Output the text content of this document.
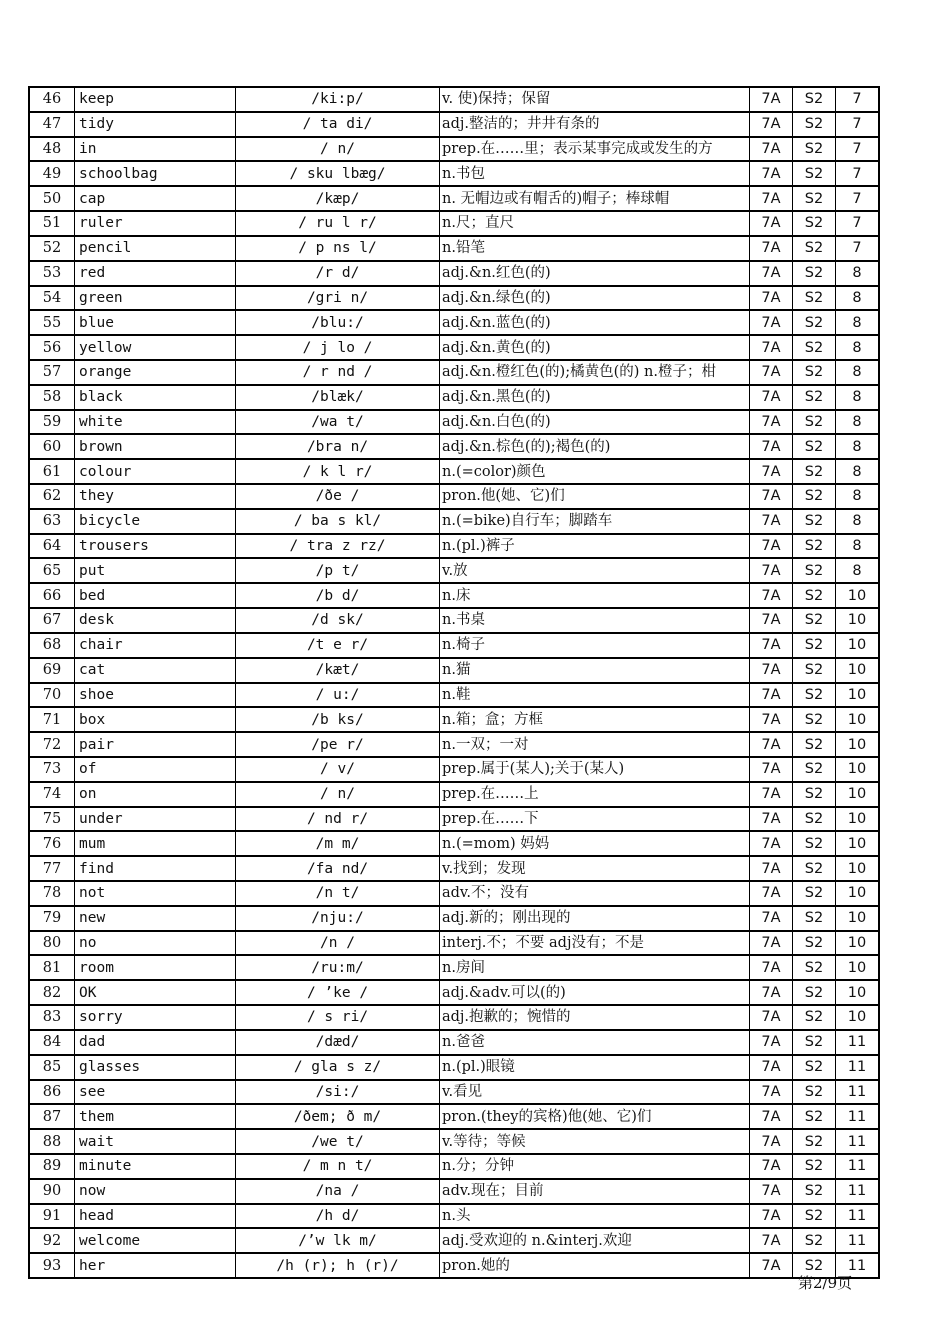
46	keep	/ki:p/	v. 使)保持；保留	7A	S2	7
47	tidy	/ ta di/	adj.整洁的；井井有条的	7A	S2	7
48	in	/ n/	prep.在……里；表示某事完成或发生的方	7A	S2	7
49	schoolbag	/ sku lbæg/	n.书包	7A	S2	7
50	cap	/kæp/	n. 无帽边或有帽舌的)帽子；棒球帽	7A	S2	7
51	ruler	/ ru l r/	n.尺；直尺	7A	S2	7
52	pencil	/ p ns l/	n.铅笔	7A	S2	7
53	red	/r d/	adj.&n.红色(的)	7A	S2	8
54	green	/gri n/	adj.&n.绿色(的)	7A	S2	8
55	blue	/blu:/	adj.&n.蓝色(的)	7A	S2	8
56	yellow	/ j lo /	adj.&n.黄色(的)	7A	S2	8
57	orange	/ r nd /	adj.&n.橙红色(的);橘黄色(的) n.橙子；柑	7A	S2	8
58	black	/blæk/	adj.&n.黑色(的)	7A	S2	8
59	white	/wa t/	adj.&n.白色(的)	7A	S2	8
60	brown	/bra n/	adj.&n.棕色(的);褐色(的)	7A	S2	8
61	colour	/ k l r/	n.(=color)颜色	7A	S2	8
62	they	/ðe /	pron.他(她、它)们	7A	S2	8
63	bicycle	/ ba s kl/	n.(=bike)自行车；脚踏车	7A	S2	8
64	trousers	/ tra z rz/	n.(pl.)裤子	7A	S2	8
65	put	/p t/	v.放	7A	S2	8
66	bed	/b d/	n.床	7A	S2	10
67	desk	/d sk/	n.书桌	7A	S2	10
68	chair	/t e r/	n.椅子	7A	S2	10
69	cat	/kæt/	n.猫	7A	S2	10
70	shoe	/ u:/	n.鞋	7A	S2	10
71	box	/b ks/	n.箱；盒；方框	7A	S2	10
72	pair	/pe r/	n.一双；一对	7A	S2	10
73	of	/ v/	prep.属于(某人);关于(某人)	7A	S2	10
74	on	/ n/	prep.在……上	7A	S2	10
75	under	/ nd r/	prep.在……下	7A	S2	10
76	mum	/m m/	n.(=mom) 妈妈	7A	S2	10
77	find	/fa nd/	v.找到；发现	7A	S2	10
78	not	/n t/	adv.不；没有	7A	S2	10
79	new	/nju:/	adj.新的；刚出现的	7A	S2	10
80	no	/n /	interj.不；不要 adj没有；不是	7A	S2	10
81	room	/ru:m/	n.房间	7A	S2	10
82	OK	/ ’ke /	adj.&adv.可以(的)	7A	S2	10
83	sorry	/ s ri/	adj.抱歉的；惋惜的	7A	S2	10
84	dad	/dæd/	n.爸爸	7A	S2	11
85	glasses	/ gla s z/	n.(pl.)眼镜	7A	S2	11
86	see	/si:/	v.看见	7A	S2	11
87	them	/ðem; ð m/	pron.(they的宾格)他(她、它)们	7A	S2	11
88	wait	/we t/	v.等待；等候	7A	S2	11
89	minute	/ m n t/	n.分；分钟	7A	S2	11
90	now	/na /	adv.现在；目前	7A	S2	11
91	head	/h d/	n.头	7A	S2	11
92	welcome	/’w lk m/	adj.受欢迎的 n.&interj.欢迎	7A	S2	11
93	her	/h (r); h (r)/	pron.她的	7A	S2	11
第2/9页
